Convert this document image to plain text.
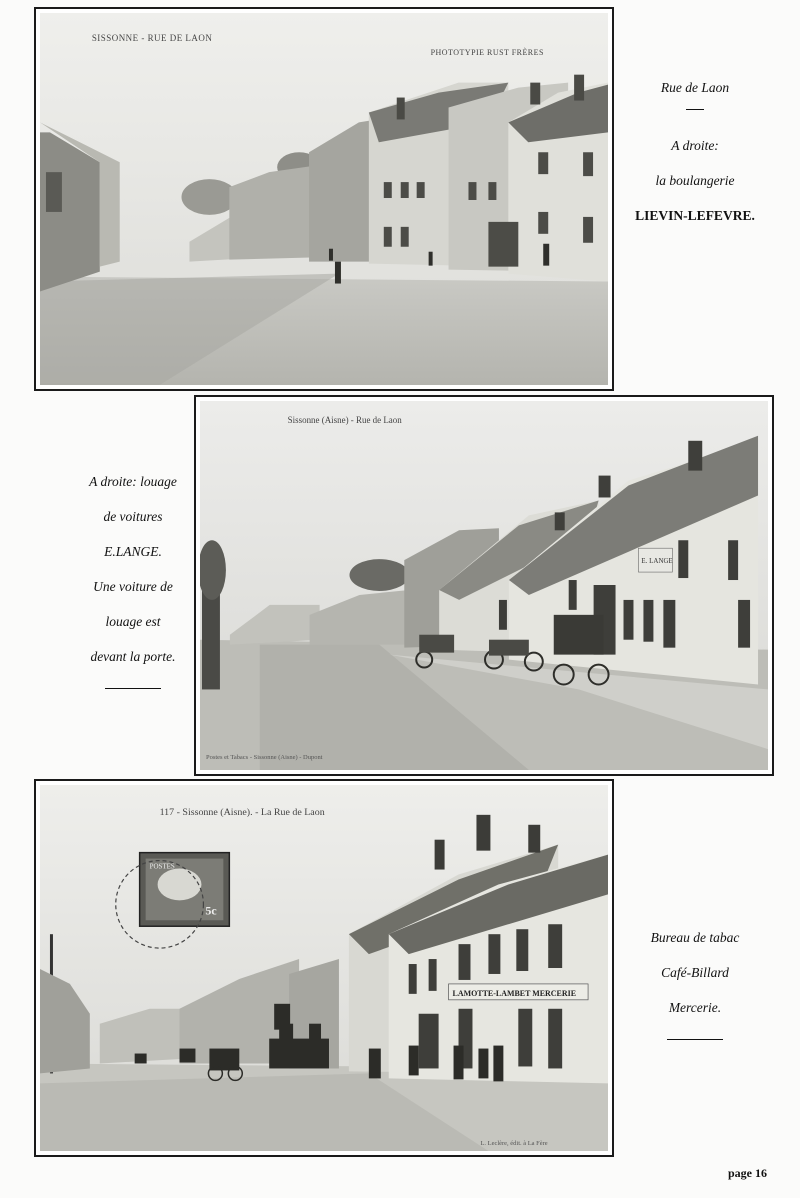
SISSONNE - RUE DE LAON
PHOTOTYPIE RUST FRÈRES
Rue de Laon
A droite:
la boulangerie
LIEVIN-LEFEVRE.
E. LANGE
Sissonne (Aisne) - Rue de Laon
Postes et Tabacs - Sissonne (Aisne) - Dupont
A droite: louage
de voitures
E.LANGE.
Une voiture de
louage est
devant la porte.
LAMOTTE-LAMBET MERCERIE
POSTES
5c
117 - Sissonne (Aisne). - La Rue de Laon
L. Leclère, édit. à La Fère
Bureau de tabac
Café-Billard
Mercerie.
page 16
